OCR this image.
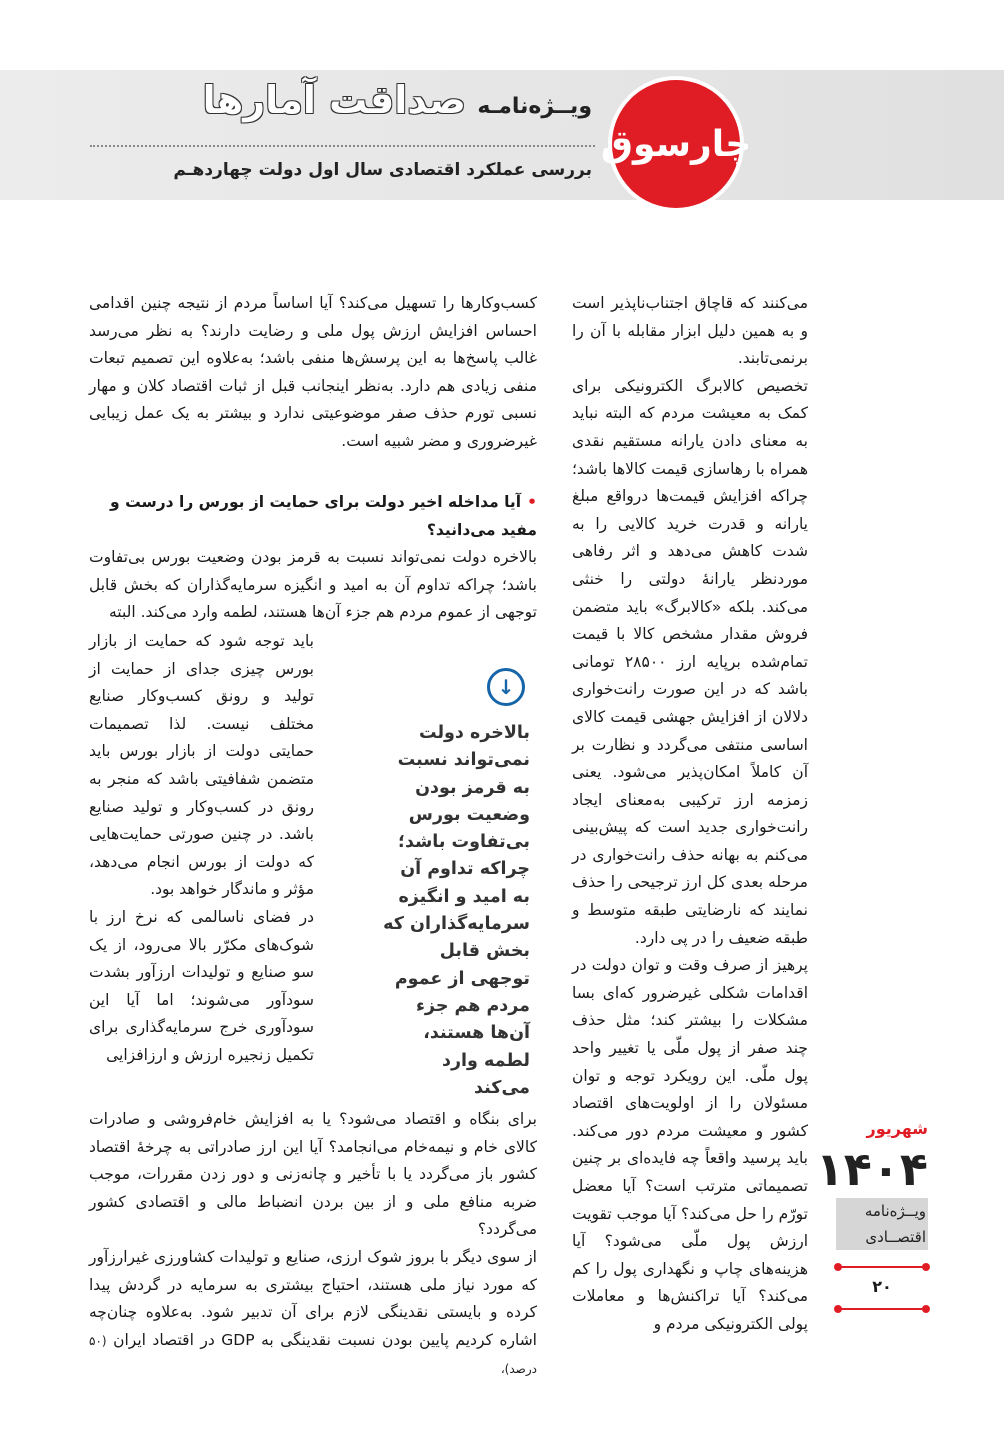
چارسوق
ویــژه‌نامـه
صداقت آمارها
بررسی عملکرد اقتصادی سال اول دولت چهاردهـم

می‌کنند که قاچاق اجتناب‌ناپذیر است و به همین دلیل ابزار مقابله با آن را برنمی‌تابند.

تخصیص کالابرگ الکترونیکی برای کمک به معیشت مردم که البته نباید به معنای دادن یارانه مستقیم نقدی همراه با رهاسازی قیمت کالاها باشد؛ چراکه افزایش قیمت‌ها درواقع مبلغ یارانه و قدرت خرید کالایی را به شدت کاهش می‌دهد و اثر رفاهی موردنظر یارانهٔ دولتی را خنثی می‌کند. بلکه «کالابرگ» باید متضمن فروش مقدار مشخص کالا با قیمت تمام‌شده برپایه ارز ۲۸۵۰۰ تومانی باشد که در این صورت رانت‌خواری دلالان از افزایش جهشی قیمت کالای اساسی منتفی می‌گردد و نظارت بر آن کاملاً امکان‌پذیر می‌شود. یعنی زمزمه ارز ترکیبی به‌معنای ایجاد رانت‌خواری جدید است که پیش‌بینی می‌کنم به بهانه حذف رانت‌خواری در مرحله بعدی کل ارز ترجیحی را حذف نمایند که نارضایتی طبقه متوسط و طبقه ضعیف را در پی دارد.

پرهیز از صرف وقت و توان دولت در اقدامات شکلی غیرضرور که‌ای بسا مشکلات را بیشتر کند؛ مثل حذف چند صفر از پول ملّی یا تغییر واحد پول ملّی. این رویکرد توجه و توان مسئولان را از اولویت‌های اقتصاد کشور و معیشت مردم دور می‌کند. باید پرسید واقعاً چه فایده‌ای بر چنین تصمیماتی مترتب است؟ آیا معضل تورّم را حل می‌کند؟ آیا موجب تقویت ارزش پول ملّی می‌شود؟ آیا هزینه‌های چاپ و نگهداری پول را کم می‌کند؟ آیا تراکنش‌ها و معاملات پولی الکترونیکی مردم و

کسب‌وکارها را تسهیل می‌کند؟ آیا اساساً مردم از نتیجه چنین اقدامی احساس افزایش ارزش پول ملی و رضایت دارند؟ به نظر می‌رسد غالب پاسخ‌ها به این پرسش‌ها منفی باشد؛ به‌علاوه این تصمیم تبعات منفی زیادی هم دارد. به‌نظر اینجانب قبل از ثبات اقتصاد کلان و مهار نسبی تورم حذف صفر موضوعیتی ندارد و بیشتر به یک عمل زیبایی غیرضروری و مضر شبیه است.

•آیا مداخله اخیر دولت برای حمایت از بورس را درست و مفید می‌دانید؟

بالاخره دولت نمی‌تواند نسبت به قرمز بودن وضعیت بورس بی‌تفاوت باشد؛ چراکه تداوم آن به امید و انگیزه سرمایه‌گذاران که بخش قابل توجهی از عموم مردم هم جزء آن‌ها هستند، لطمه وارد می‌کند. البته

باید توجه شود که حمایت از بازار بورس چیزی جدای از حمایت از تولید و رونق کسب‌وکار صنایع مختلف نیست. لذا تصمیمات حمایتی دولت از بازار بورس باید متضمن شفافیتی باشد که منجر به رونق در کسب‌وکار و تولید صنایع باشد. در چنین صورتی حمایت‌هایی که دولت از بورس انجام می‌دهد، مؤثر و ماندگار خواهد بود.

در فضای ناسالمی که نرخ ارز با شوک‌های مکرّر بالا می‌رود، از یک سو صنایع و تولیدات ارزآور بشدت سودآور می‌شوند؛ اما آیا این سودآوری خرج سرمایه‌گذاری برای تکمیل زنجیره ارزش و ارزافزایی

↓
بالاخره دولت نمی‌تواند نسبت به قرمز بودن وضعیت بورس بی‌تفاوت باشد؛ چراکه تداوم آن به امید و انگیزه سرمایه‌گذاران که بخش قابل توجهی از عموم مردم هم جزء آن‌ها هستند، لطمه وارد می‌کند

برای بنگاه و اقتصاد می‌شود؟ یا به افزایش خام‌فروشی و صادرات کالای خام و نیمه‌خام می‌انجامد؟ آیا این ارز صادراتی به چرخهٔ اقتصاد کشور باز می‌گردد یا با تأخیر و چانه‌زنی و دور زدن مقررات، موجب ضربه منافع ملی و از بین بردن انضباط مالی و اقتصادی کشور می‌گردد؟

از سوی دیگر با بروز شوک ارزی، صنایع و تولیدات کشاورزی غیرارزآور که مورد نیاز ملی هستند، احتیاج بیشتری به سرمایه در گردش پیدا کرده و بایستی نقدینگی لازم برای آن تدبیر شود. به‌علاوه چنان‌چه اشاره کردیم پایین بودن نسبت نقدینگی به GDP در اقتصاد ایران (۵۰ درصد)،

شهریور
۱۴۰۴
ویــژه‌نامه
اقتصــادی
۲۰
